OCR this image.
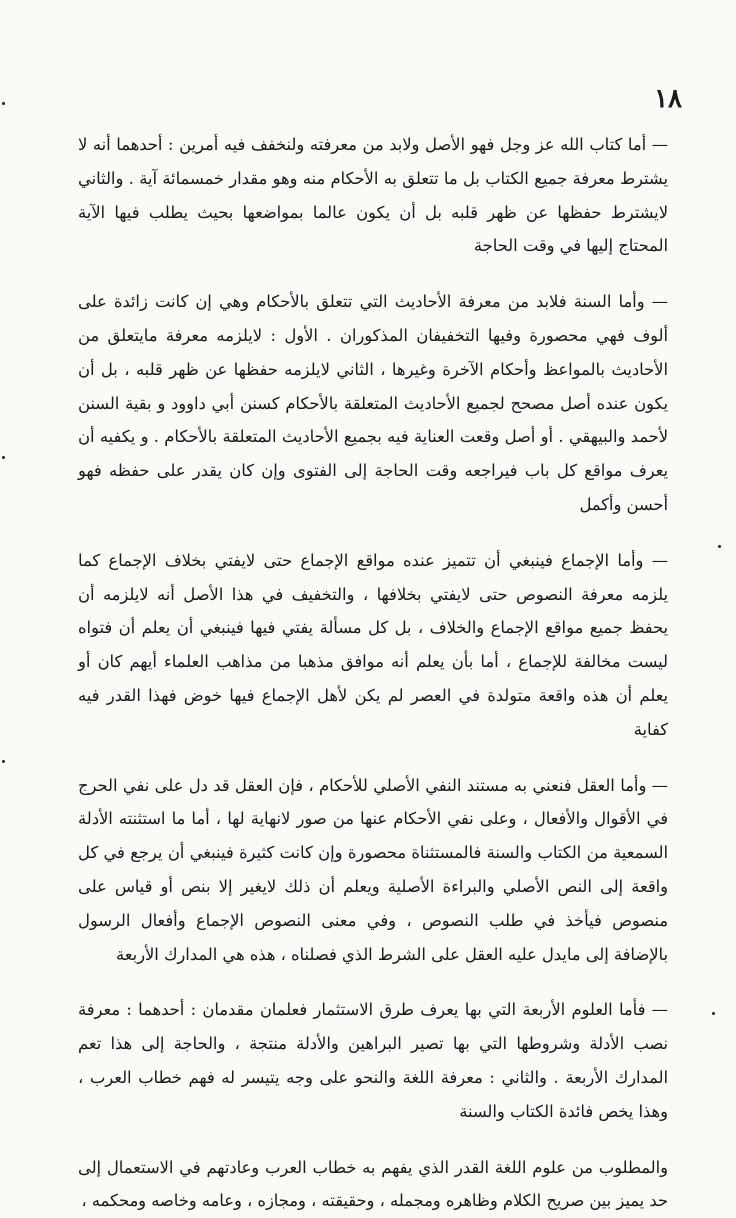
١٨

— أما كتاب الله عز وجل فهو الأصل ولابد من معرفته ولنخفف فيه أمرين : أحدهما أنه لا يشترط معرفة جميع الكتاب بل ما تتعلق به الأحكام منه وهو مقدار خمسمائة آية . والثاني لايشترط حفظها عن ظهر قلبه بل أن يكون عالما بمواضعها بحيث يطلب فيها الآية المحتاج إليها في وقت الحاجة

— وأما السنة فلابد من معرفة الأحاديث التي تتعلق بالأحكام وهي إن كانت زائدة على ألوف فهي محصورة وفيها التخفيفان المذكوران . الأول : لايلزمه معرفة مايتعلق من الأحاديث بالمواعظ وأحكام الآخرة وغيرها ، الثاني لايلزمه حفظها عن ظهر قلبه ، بل أن يكون عنده أصل مصحح لجميع الأحاديث المتعلقة بالأحكام كسنن أبي داوود و بقية السنن لأحمد والبيهقي . أو أصل وقعت العناية فيه بجميع الأحاديث المتعلقة بالأحكام . و يكفيه أن يعرف مواقع كل باب فيراجعه وقت الحاجة إلى الفتوى وإن كان يقدر على حفظه فهو أحسن وأكمل

— وأما الإجماع فينبغي أن تتميز عنده مواقع الإجماع حتى لايفتي بخلاف الإجماع كما يلزمه معرفة النصوص حتى لايفتي بخلافها ، والتخفيف في هذا الأصل أنه لايلزمه أن يحفظ جميع مواقع الإجماع والخلاف ، بل كل مسألة يفتي فيها فينبغي أن يعلم أن فتواه ليست مخالفة للإجماع ، أما بأن يعلم أنه موافق مذهبا من مذاهب العلماء أيهم كان أو يعلم أن هذه واقعة متولدة في العصر لم يكن لأهل الإجماع فيها خوض فهذا القدر فيه كفاية

— وأما العقل فنعني به مستند النفي الأصلي للأحكام ، فإن العقل قد دل على نفي الحرج في الأقوال والأفعال ، وعلى نفي الأحكام عنها من صور لانهاية لها ، أما ما استثنته الأدلة السمعية من الكتاب والسنة فالمستثناة محصورة وإن كانت كثيرة فينبغي أن يرجع في كل واقعة إلى النص الأصلي والبراءة الأصلية ويعلم أن ذلك لايغير إلا بنص أو قياس على منصوص فيأخذ في طلب النصوص ، وفي معنى النصوص الإجماع وأفعال الرسول بالإضافة إلى مايدل عليه العقل على الشرط الذي فصلناه ، هذه هي المدارك الأربعة

— فأما العلوم الأربعة التي بها يعرف طرق الاستثمار فعلمان مقدمان : أحدهما : معرفة نصب الأدلة وشروطها التي بها تصير البراهين والأدلة منتجة ، والحاجة إلى هذا تعم المدارك الأربعة . والثاني : معرفة اللغة والنحو على وجه يتيسر له فهم خطاب العرب ، وهذا يخص فائدة الكتاب والسنة

والمطلوب من علوم اللغة القدر الذي يفهم به خطاب العرب وعادتهم في الاستعمال إلى حد يميز بين صريح الكلام وظاهره ومجمله ، وحقيقته ، ومجازه ، وعامه وخاصه ومحكمه ،
